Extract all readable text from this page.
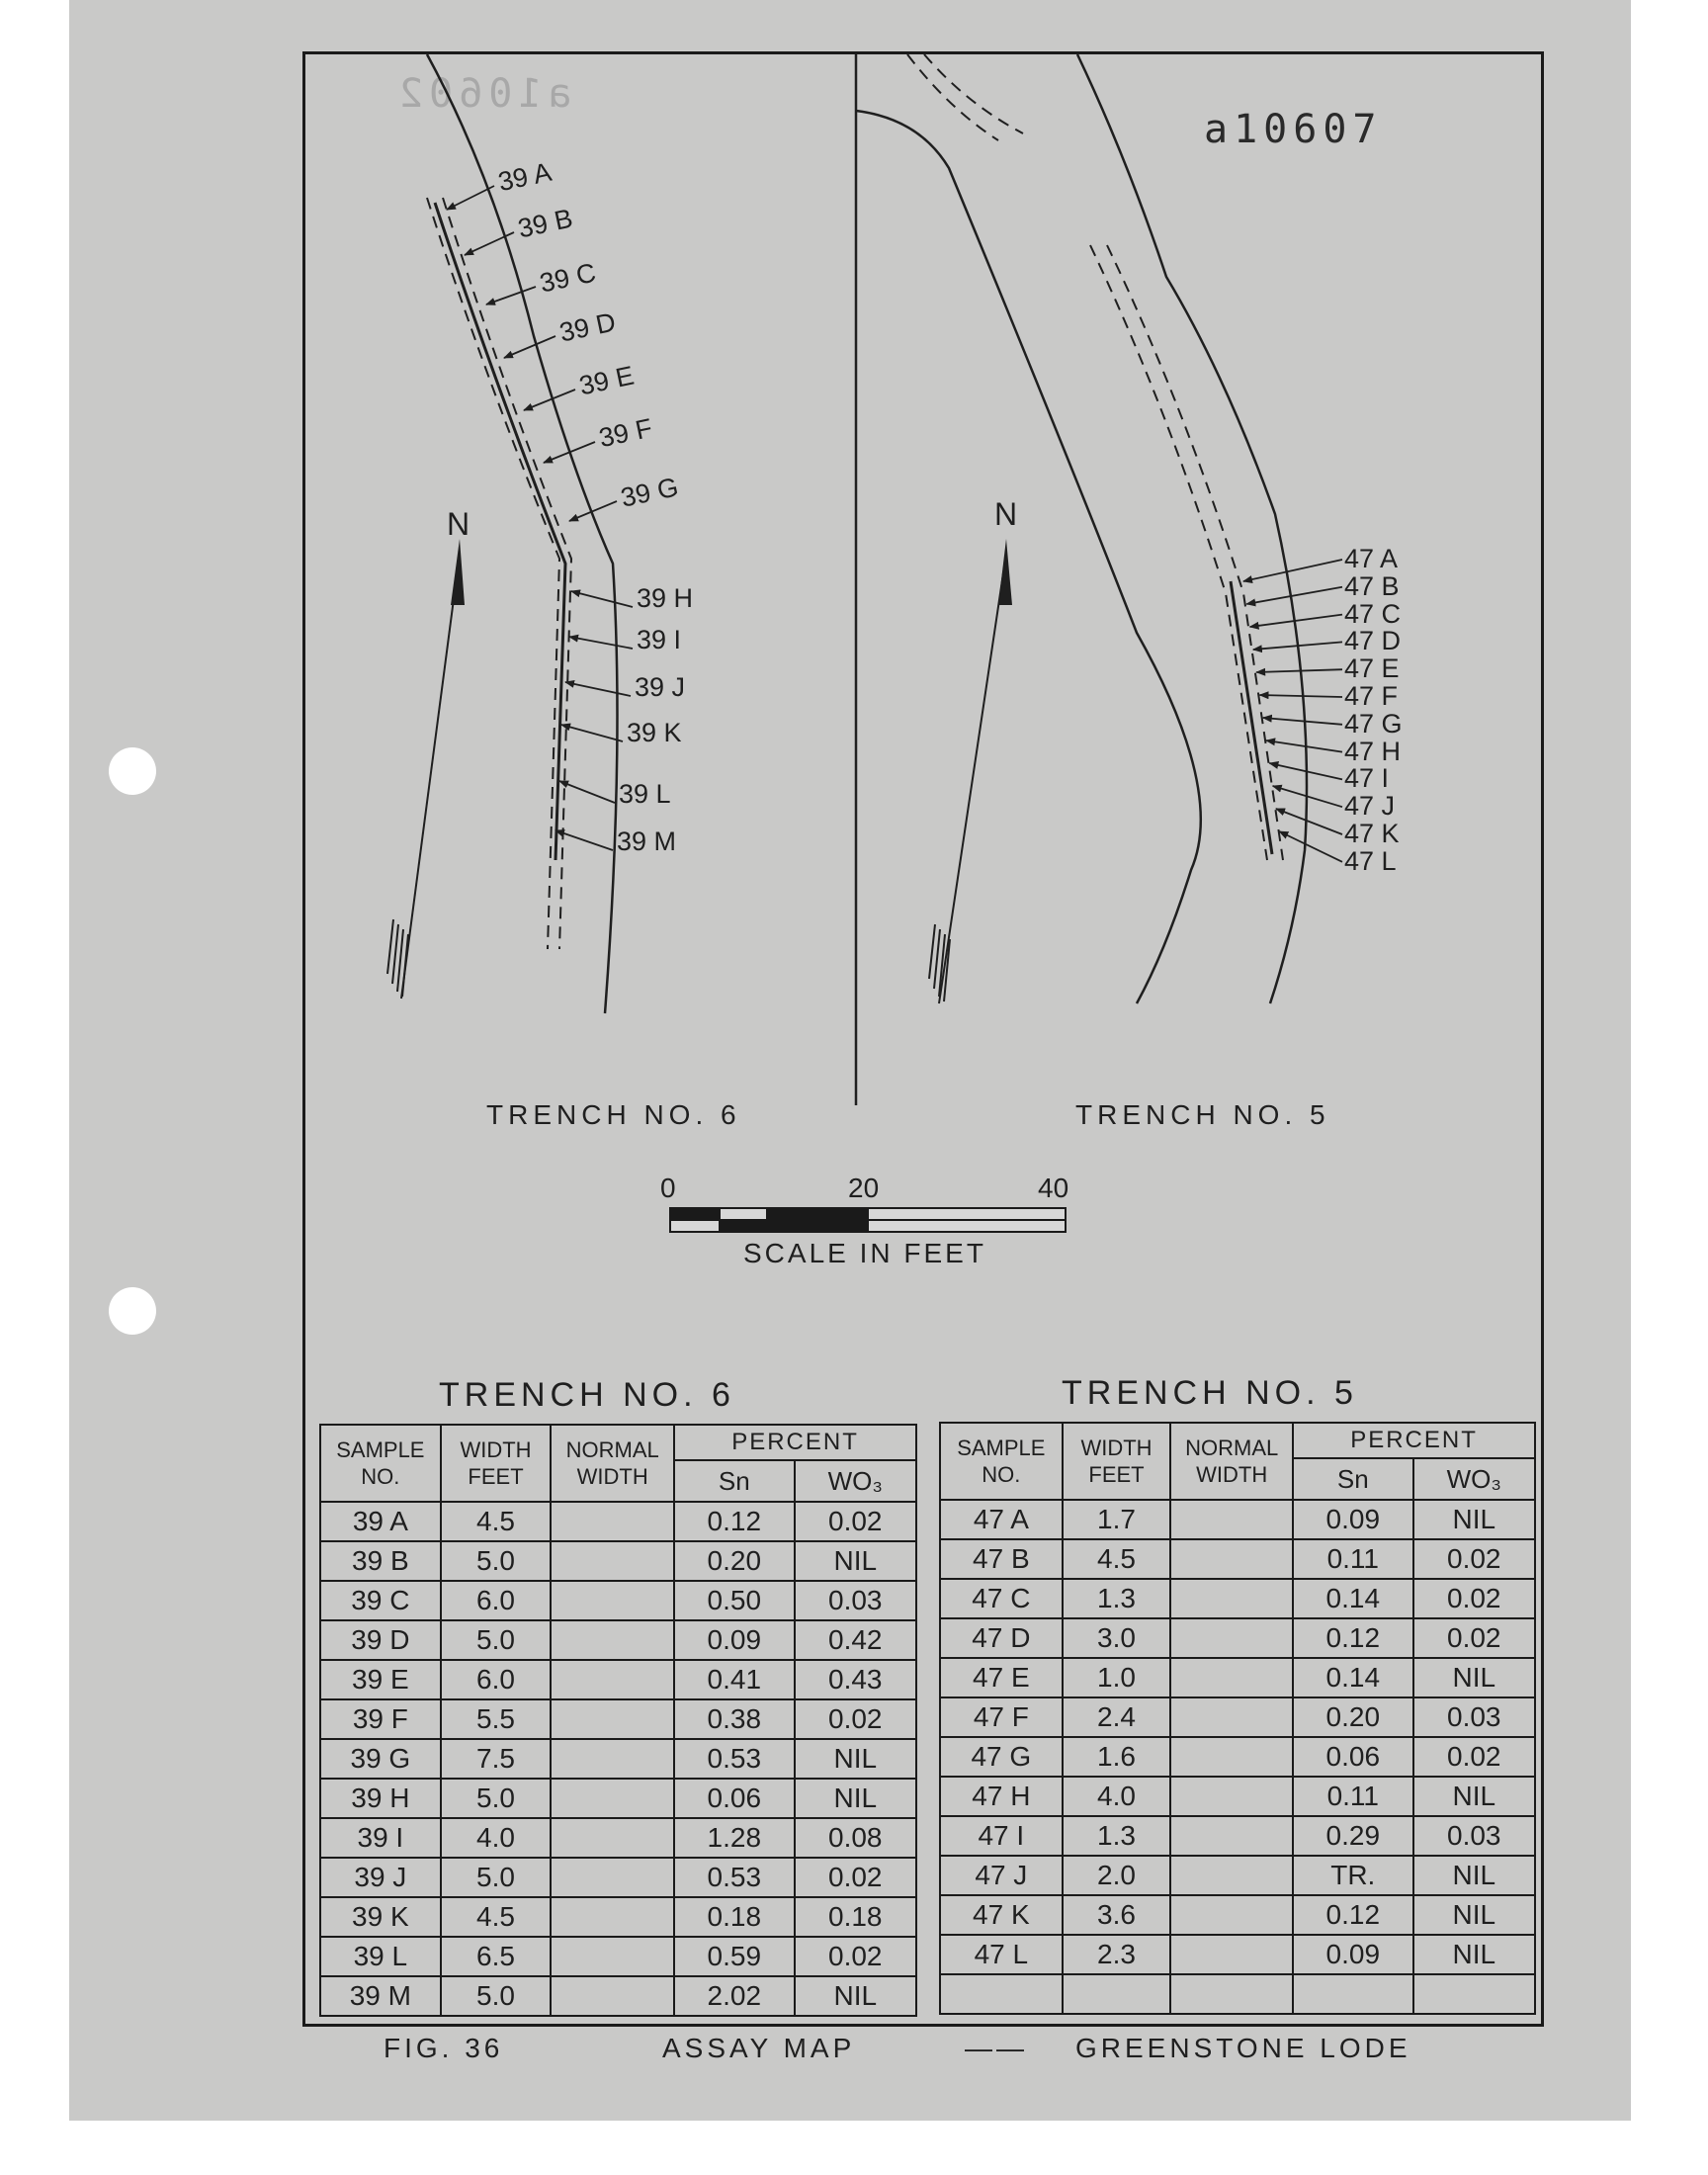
a10602
a10607
39 A
39 B
39 C
39 D
39 E
39 F
39 G
39 H
39 I
39 J
39 K
39 L
39 M
47 A
47 B
47 C
47 D
47 E
47 F
47 G
47 H
47 I
47 J
47 K
47 L
N	N
TRENCH NO. 6	TRENCH NO. 5
0	20	40
SCALE IN FEET
TRENCH NO. 6	TRENCH NO. 5
SAMPLE NO.	WIDTH FEET	NORMAL WIDTH	PERCENT	
			Sn	WO₃
39 A	4.5		0.12	0.02
39 B	5.0		0.20	NIL
39 C	6.0		0.50	0.03
39 D	5.0		0.09	0.42
39 E	6.0		0.41	0.43
39 F	5.5		0.38	0.02
39 G	7.5		0.53	NIL
39 H	5.0		0.06	NIL
39 I	4.0		1.28	0.08
39 J	5.0		0.53	0.02
39 K	4.5		0.18	0.18
39 L	6.5		0.59	0.02
39 M	5.0		2.02	NIL
SAMPLE NO.	WIDTH FEET	NORMAL WIDTH	PERCENT	
			Sn	WO₃
47 A	1.7		0.09	NIL
47 B	4.5		0.11	0.02
47 C	1.3		0.14	0.02
47 D	3.0		0.12	0.02
47 E	1.0		0.14	NIL
47 F	2.4		0.20	0.03
47 G	1.6		0.06	0.02
47 H	4.0		0.11	NIL
47 I	1.3		0.29	0.03
47 J	2.0		TR.	NIL
47 K	3.6		0.12	NIL
47 L	2.3		0.09	NIL

FIG. 36	ASSAY MAP	—— GREENSTONE LODE
